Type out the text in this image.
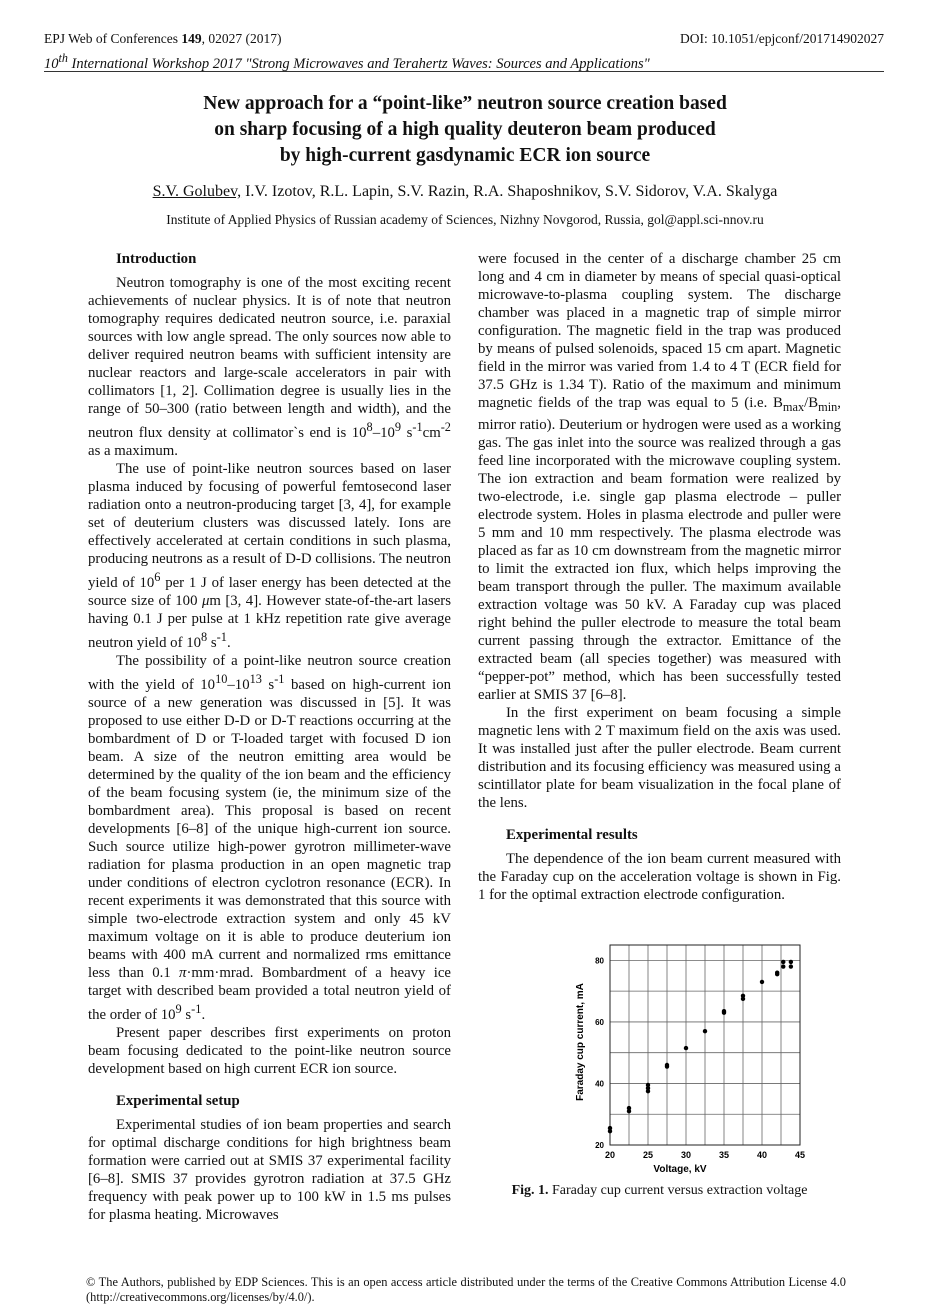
EPJ Web of Conferences 149, 02027 (2017)	DOI: 10.1051/epjconf/201714902027
10th International Workshop 2017 "Strong Microwaves and Terahertz Waves: Sources and Applications"
New approach for a “point-like” neutron source creation based
on sharp focusing of a high quality deuteron beam produced
by high-current gasdynamic ECR ion source
S.V. Golubev, I.V. Izotov, R.L. Lapin, S.V. Razin, R.A. Shaposhnikov, S.V. Sidorov, V.A. Skalyga
Institute of Applied Physics of Russian academy of Sciences, Nizhny Novgorod, Russia, gol@appl.sci-nnov.ru
Introduction

Neutron tomography is one of the most exciting recent achievements of nuclear physics. It is of note that neutron tomography requires dedicated neutron source, i.e. paraxial sources with low angle spread. The only sources now able to deliver required neutron beams with sufficient intensity are nuclear reactors and large-scale accelerators in pair with collimators [1, 2]. Collimation degree is usually lies in the range of 50–300 (ratio between length and width), and the neutron flux density at collimator`s end is $10^8-10^9$ $s^{-1}cm^{-2}$ as a maximum.

The use of point-like neutron sources based on laser plasma induced by focusing of powerful femtosecond laser radiation onto a neutron-producing target [3, 4], for example set of deuterium clusters was discussed lately. Ions are effectively accelerated at certain conditions in such plasma, producing neutrons as a result of D-D collisions. The neutron yield of $10^6$ per 1 J of laser energy has been detected at the source size of 100 μm [3, 4]. However state-of-the-art lasers having 0.1 J per pulse at 1 kHz repetition rate give average neutron yield of $10^8$ $s^{-1}$.

The possibility of a point-like neutron source creation with the yield of $10^{10}-10^{13}$ $s^{-1}$ based on high-current ion source of a new generation was discussed in [5]. It was proposed to use either D-D or D-T reactions occurring at the bombardment of D or T-loaded target with focused D ion beam. A size of the neutron emitting area would be determined by the quality of the ion beam and the efficiency of the beam focusing system (ie, the minimum size of the bombardment area). This proposal is based on recent developments [6–8] of the unique high-current ion source. Such source utilize high-power gyrotron millimeter-wave radiation for plasma production in an open magnetic trap under conditions of electron cyclotron resonance (ECR). In recent experiments it was demonstrated that this source with simple two-electrode extraction system and only 45 kV maximum voltage on it is able to produce deuterium ion beams with 400 mA current and normalized rms emittance less than 0.1 π·mm·mrad. Bombardment of a heavy ice target with described beam provided a total neutron yield of the order of $10^9$ $s^{-1}$.

Present paper describes first experiments on proton beam focusing dedicated to the point-like neutron source development based on high current ECR ion source.

Experimental setup

Experimental studies of ion beam properties and search for optimal discharge conditions for high brightness beam formation were carried out at SMIS 37 experimental facility [6–8]. SMIS 37 provides gyrotron radiation at 37.5 GHz frequency with peak power up to 100 kW in 1.5 ms pulses for plasma heating. Microwaves

were focused in the center of a discharge chamber 25 cm long and 4 cm in diameter by means of special quasi-optical microwave-to-plasma coupling system. The discharge chamber was placed in a magnetic trap of simple mirror configuration. The magnetic field in the trap was produced by means of pulsed solenoids, spaced 15 cm apart. Magnetic field in the mirror was varied from 1.4 to 4 T (ECR field for 37.5 GHz is 1.34 T). Ratio of the maximum and minimum magnetic fields of the trap was equal to 5 (i.e. $B_{max}/B_{min}$, mirror ratio). Deuterium or hydrogen were used as a working gas. The gas inlet into the source was realized through a gas feed line incorporated with the microwave coupling system. The ion extraction and beam formation were realized by two-electrode, i.e. single gap plasma electrode – puller electrode system. Holes in plasma electrode and puller were 5 mm and 10 mm respectively. The plasma electrode was placed as far as 10 cm downstream from the magnetic mirror to limit the extracted ion flux, which helps improving the beam transport through the puller. The maximum available extraction voltage was 50 kV. A Faraday cup was placed right behind the puller electrode to measure the total beam current passing through the extractor. Emittance of the extracted beam (all species together) was measured with “pepper-pot” method, which has been successfully tested earlier at SMIS 37 [6–8].

In the first experiment on beam focusing a simple magnetic lens with 2 T maximum field on the axis was used. It was installed just after the puller electrode. Beam current distribution and its focusing efficiency was measured using a scintillator plate for beam visualization in the focal plane of the lens.

Experimental results

The dependence of the ion beam current measured with the Faraday cup on the acceleration voltage is shown in Fig. 1 for the optimal extraction electrode configuration.

20	25	30	35	40	45
20
40
60
80
Voltage, kV
Faraday cup current, mA
Fig. 1. Faraday cup current versus extraction voltage
© The Authors, published by EDP Sciences. This is an open access article distributed under the terms of the Creative Commons Attribution License 4.0 (http://creativecommons.org/licenses/by/4.0/).
